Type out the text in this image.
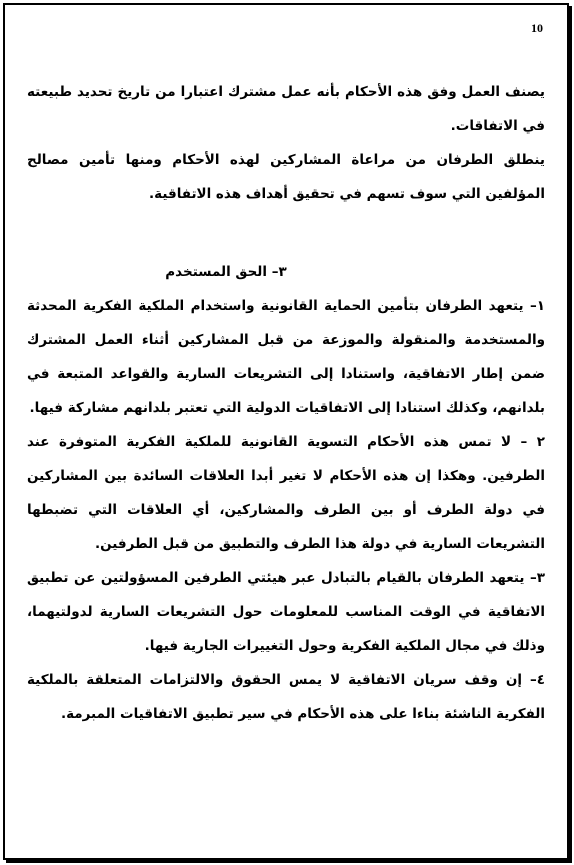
10

يصنف العمل وفق هذه الأحكام بأنه عمل مشترك اعتبارا من تاريخ تحديد طبيعته في الاتفاقات.

ينطلق الطرفان من مراعاة المشاركين لهذه الأحكام ومنها تأمين مصالح المؤلفين التي سوف تسهم في تحقيق أهداف هذه الاتفاقية.

٣– الحق المستخدم

١– يتعهد الطرفان بتأمين الحماية القانونية واستخدام الملكية الفكرية المحدثة والمستخدمة والمنقولة والموزعة من قبل المشاركين أثناء العمل المشترك ضمن إطار الاتفاقية، واستنادا إلى التشريعات السارية والقواعد المتبعة في بلدانهم، وكذلك استنادا إلى الاتفاقيات الدولية التي تعتبر بلدانهم مشاركة فيها.

٢ – لا تمس هذه الأحكام التسوية القانونية للملكية الفكرية المتوفرة عند الطرفين. وهكذا إن هذه الأحكام لا تغير أبدا العلاقات السائدة بين المشاركين في دولة الطرف أو بين الطرف والمشاركين، أي العلاقات التي تضبطها التشريعات السارية في دولة هذا الطرف والتطبيق من قبل الطرفين.

٣– يتعهد الطرفان بالقيام بالتبادل عبر هيئتي الطرفين المسؤولتين عن تطبيق الاتفاقية في الوقت المناسب للمعلومات حول التشريعات السارية لدولتيهما، وذلك في مجال الملكية الفكرية وحول التغييرات الجارية فيها.

٤– إن وقف سريان الاتفاقية لا يمس الحقوق والالتزامات المتعلقة بالملكية الفكرية الناشئة بناءا على هذه الأحكام في سير تطبيق الاتفاقيات المبرمة.
